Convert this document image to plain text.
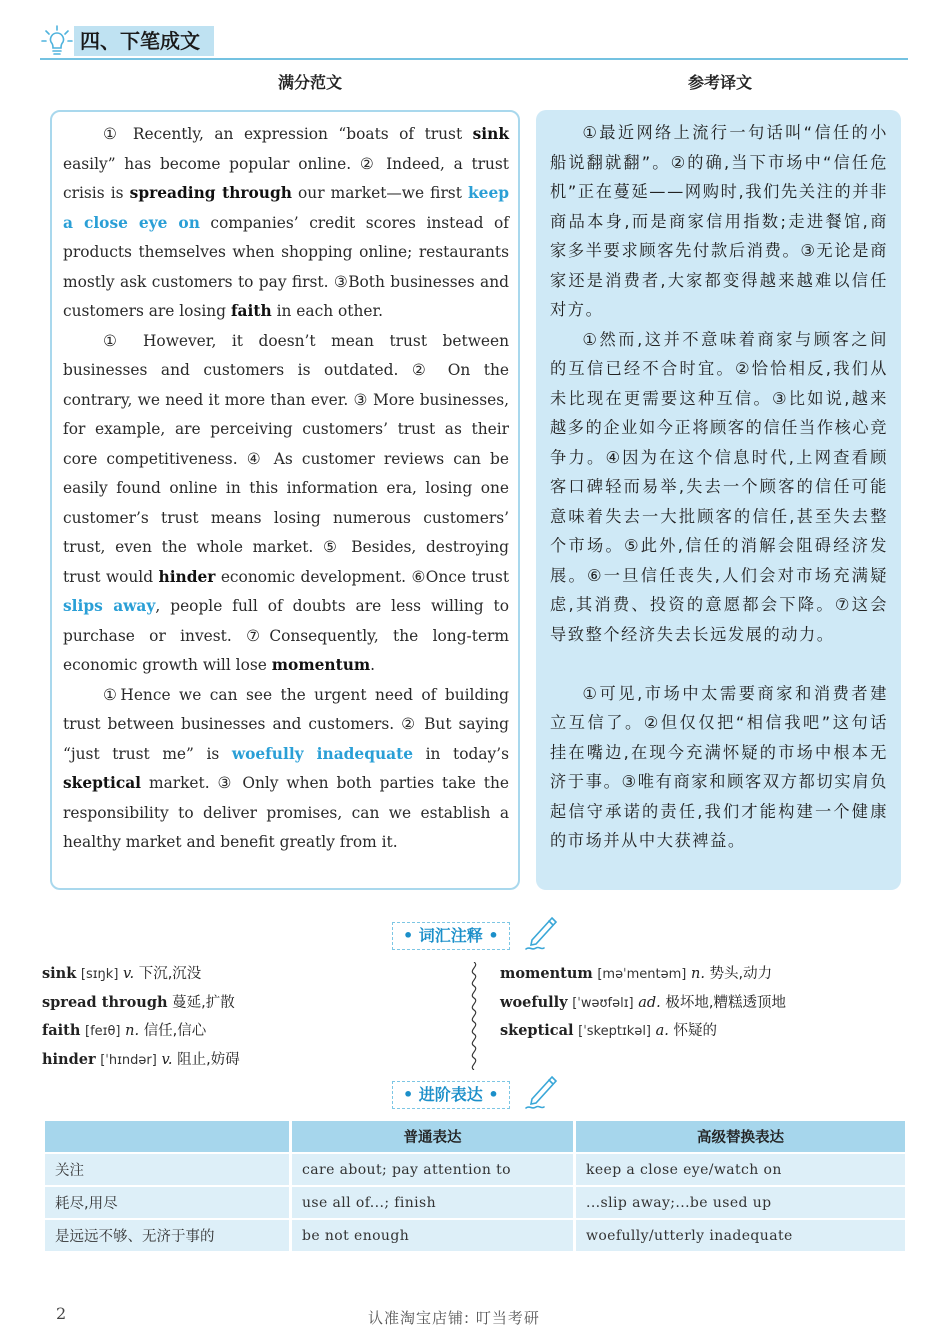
四、下笔成文
满分范文	参考译文

① Recently, an expression “boats of trust sink easily” has become popular online. ② Indeed, a trust crisis is spreading through our market—we first keep a close eye on companies’ credit scores instead of products themselves when shopping online; restaurants mostly ask customers to pay first. ③Both businesses and customers are losing faith in each other.

① However, it doesn’t mean trust between businesses and customers is outdated. ② On the contrary, we need it more than ever. ③ More businesses, for example, are perceiving customers’ trust as their core competitiveness. ④ As customer reviews can be easily found online in this information era, losing one customer’s trust means losing numerous customers’ trust, even the whole market. ⑤ Besides, destroying trust would hinder economic development. ⑥Once trust slips away, people full of doubts are less willing to purchase or invest. ⑦Consequently, the long-term economic growth will lose momentum.

①Hence we can see the urgent need of building trust between businesses and customers. ② But saying “just trust me” is woefully inadequate in today’s skeptical market. ③ Only when both parties take the responsibility to deliver promises, can we establish a healthy market and benefit greatly from it.

①最近网络上流行一句话叫“信任的小船说翻就翻”。②的确,当下市场中“信任危机”正在蔓延——网购时,我们先关注的并非商品本身,而是商家信用指数;走进餐馆,商家多半要求顾客先付款后消费。③无论是商家还是消费者,大家都变得越来越难以信任对方。

①然而,这并不意味着商家与顾客之间的互信已经不合时宜。②恰恰相反,我们从未比现在更需要这种互信。③比如说,越来越多的企业如今正将顾客的信任当作核心竞争力。④因为在这个信息时代,上网查看顾客口碑轻而易举,失去一个顾客的信任可能意味着失去一大批顾客的信任,甚至失去整个市场。⑤此外,信任的消解会阻碍经济发展。⑥一旦信任丧失,人们会对市场充满疑虑,其消费、投资的意愿都会下降。⑦这会导致整个经济失去长远发展的动力。

①可见,市场中太需要商家和消费者建立互信了。②但仅仅把“相信我吧”这句话挂在嘴边,在现今充满怀疑的市场中根本无济于事。③唯有商家和顾客双方都切实肩负起信守承诺的责任,我们才能构建一个健康的市场并从中大获裨益。

• 词汇注释 •
sink [sɪŋk] v. 下沉,沉没
spread through 蔓延,扩散
faith [feɪθ] n. 信任,信心
hinder [ˈhɪndər] v. 阻止,妨碍
momentum [məˈmentəm] n. 势头,动力
woefully [ˈwəʊfəlɪ] ad. 极坏地,糟糕透顶地
skeptical [ˈskeptɪkəl] a. 怀疑的
• 进阶表达 •
	普通表达	高级替换表达
关注	care about; pay attention to	keep a close eye/watch on
耗尽,用尽	use all of...; finish	...slip away;...be used up
是远远不够、无济于事的	be not enough	woefully/utterly inadequate
2	认准淘宝店铺: 叮当考研
